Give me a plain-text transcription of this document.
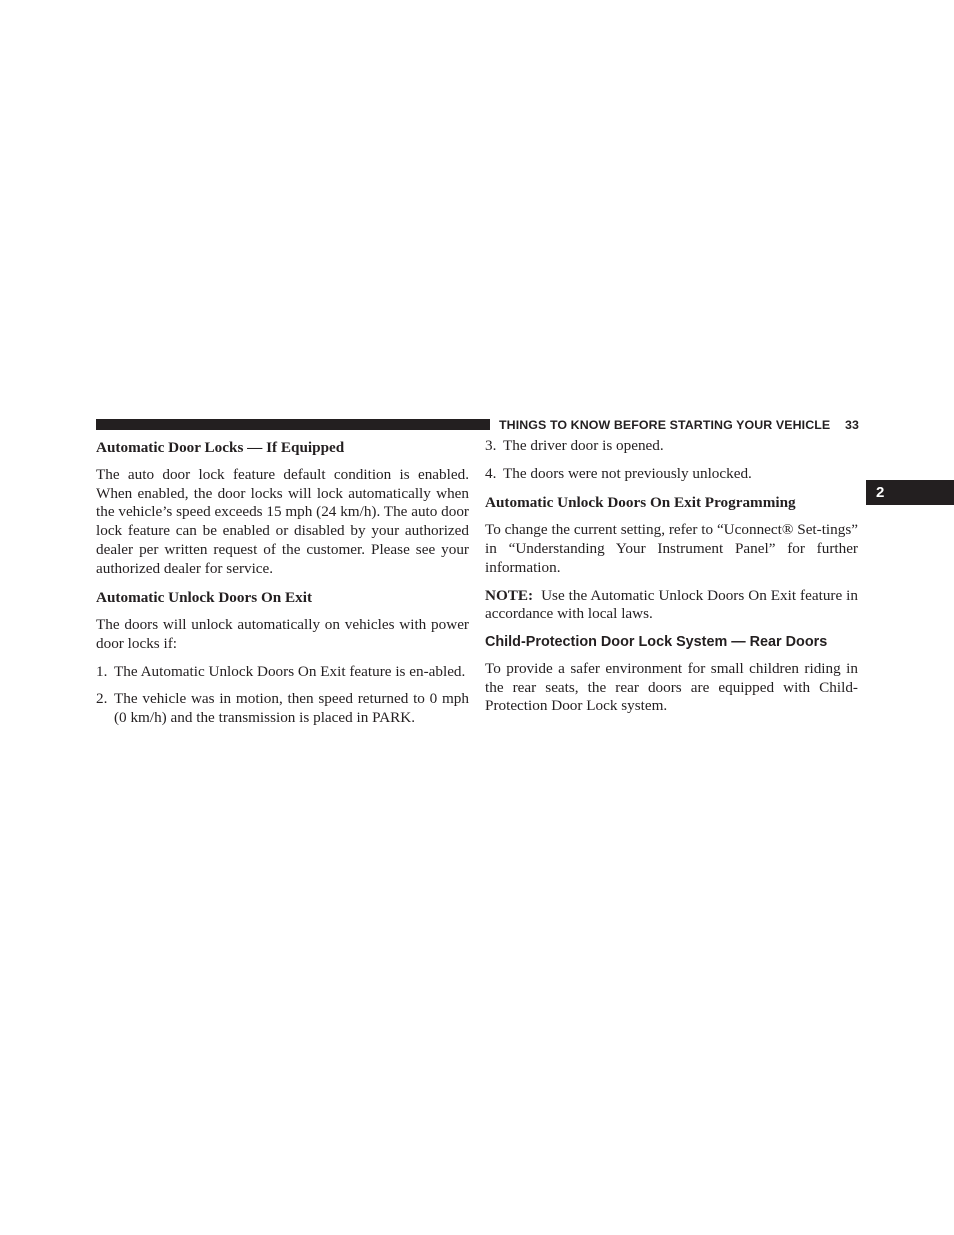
THINGS TO KNOW BEFORE STARTING YOUR VEHICLE 33
2
Automatic Door Locks — If Equipped

The auto door lock feature default condition is enabled. When enabled, the door locks will lock automatically when the vehicle’s speed exceeds 15 mph (24 km/h). The auto door lock feature can be enabled or disabled by your authorized dealer per written request of the customer. Please see your authorized dealer for service.

Automatic Unlock Doors On Exit

The doors will unlock automatically on vehicles with power door locks if:

1. The Automatic Unlock Doors On Exit feature is en-abled.
2. The vehicle was in motion, then speed returned to 0 mph (0 km/h) and the transmission is placed in PARK.
3. The driver door is opened.
4. The doors were not previously unlocked.
Automatic Unlock Doors On Exit Programming

To change the current setting, refer to “Uconnect® Set-tings” in “Understanding Your Instrument Panel” for further information.

NOTE: Use the Automatic Unlock Doors On Exit feature in accordance with local laws.

Child-Protection Door Lock System — Rear Doors

To provide a safer environment for small children riding in the rear seats, the rear doors are equipped with Child-Protection Door Lock system.
